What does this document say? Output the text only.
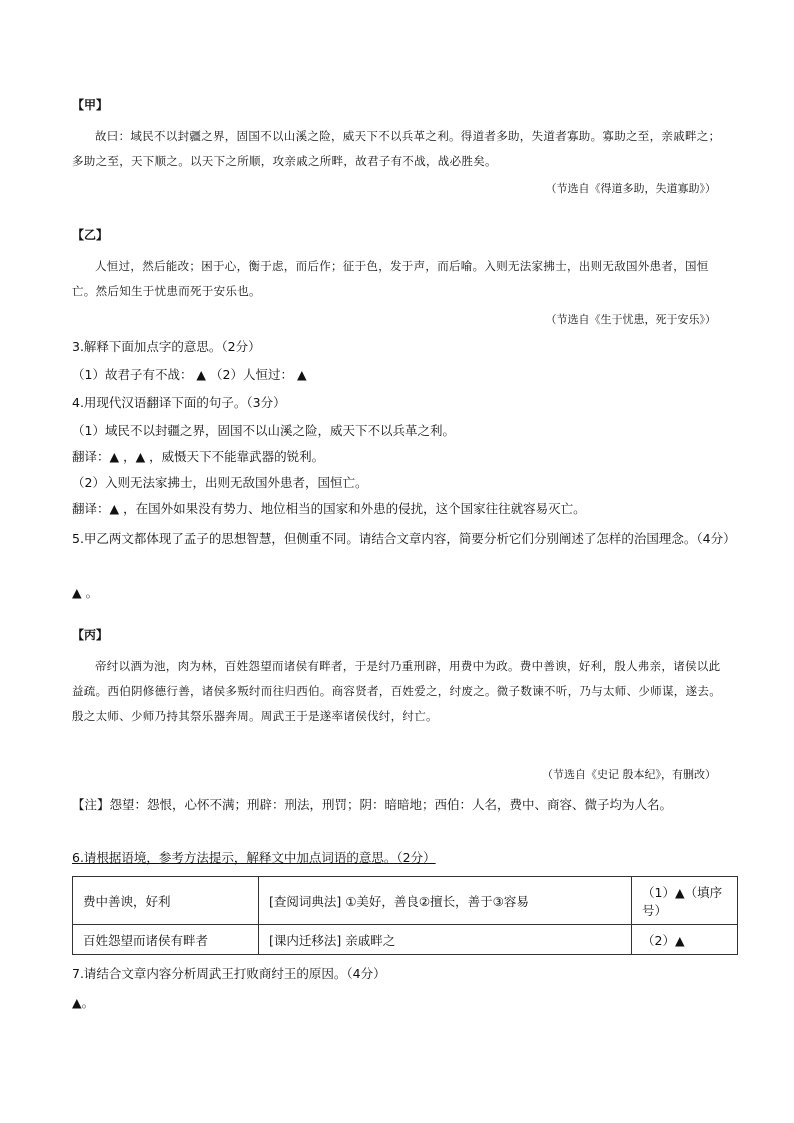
【甲】
故曰：域民不以封疆之界，固国不以山溪之险，威天下不以兵革之利。得道者多助，失道者寡助。寡助之至，亲戚畔之；多助之至，天下顺之。以天下之所顺，攻亲戚之所畔，故君子有不战，战必胜矣。
（节选自《得道多助，失道寡助》）
【乙】
人恒过，然后能改；困于心，衡于虑，而后作；征于色，发于声，而后喻。入则无法家拂士，出则无敌国外患者，国恒亡。然后知生于忧患而死于安乐也。
（节选自《生于忧患，死于安乐》）
3.解释下面加点字的意思。（2分）
（1）故君子有不战： ▲ （2）人恒过： ▲
4.用现代汉语翻译下面的句子。（3分）
（1）域民不以封疆之界，固国不以山溪之险，威天下不以兵革之利。
翻译：▲ ，▲ ，威慑天下不能靠武器的锐利。
（2）入则无法家拂士，出则无敌国外患者，国恒亡。
翻译：▲ ，在国外如果没有势力、地位相当的国家和外患的侵扰，这个国家往往就容易灭亡。
5.甲乙两文都体现了孟子的思想智慧，但侧重不同。请结合文章内容，简要分析它们分别阐述了怎样的治国理念。（4分）
▲ 。
【丙】
帝纣以酒为池，肉为林，百姓怨望而诸侯有畔者，于是纣乃重刑辟，用费中为政。费中善谀，好利，殷人弗亲，诸侯以此益疏。西伯阴修德行善，诸侯多叛纣而往归西伯。商容贤者，百姓爱之，纣废之。微子数谏不听，乃与太师、少师谋，遂去。殷之太师、少师乃持其祭乐器奔周。周武王于是遂率诸侯伐纣，纣亡。
（节选自《史记 殷本纪》，有删改）
【注】怨望：怨恨，心怀不满；刑辟：刑法，刑罚；阴：暗暗地；西伯：人名，费中、商容、微子均为人名。
6.请根据语境，参考方法提示，解释文中加点词语的意思。（2分）
费中善谀，好利	[查阅词典法] ①美好，善良②擅长，善于③容易	（1）▲（填序号）
百姓怨望而诸侯有畔者	[课内迁移法] 亲戚畔之	（2）▲
7.请结合文章内容分析周武王打败商纣王的原因。（4分）
▲。
